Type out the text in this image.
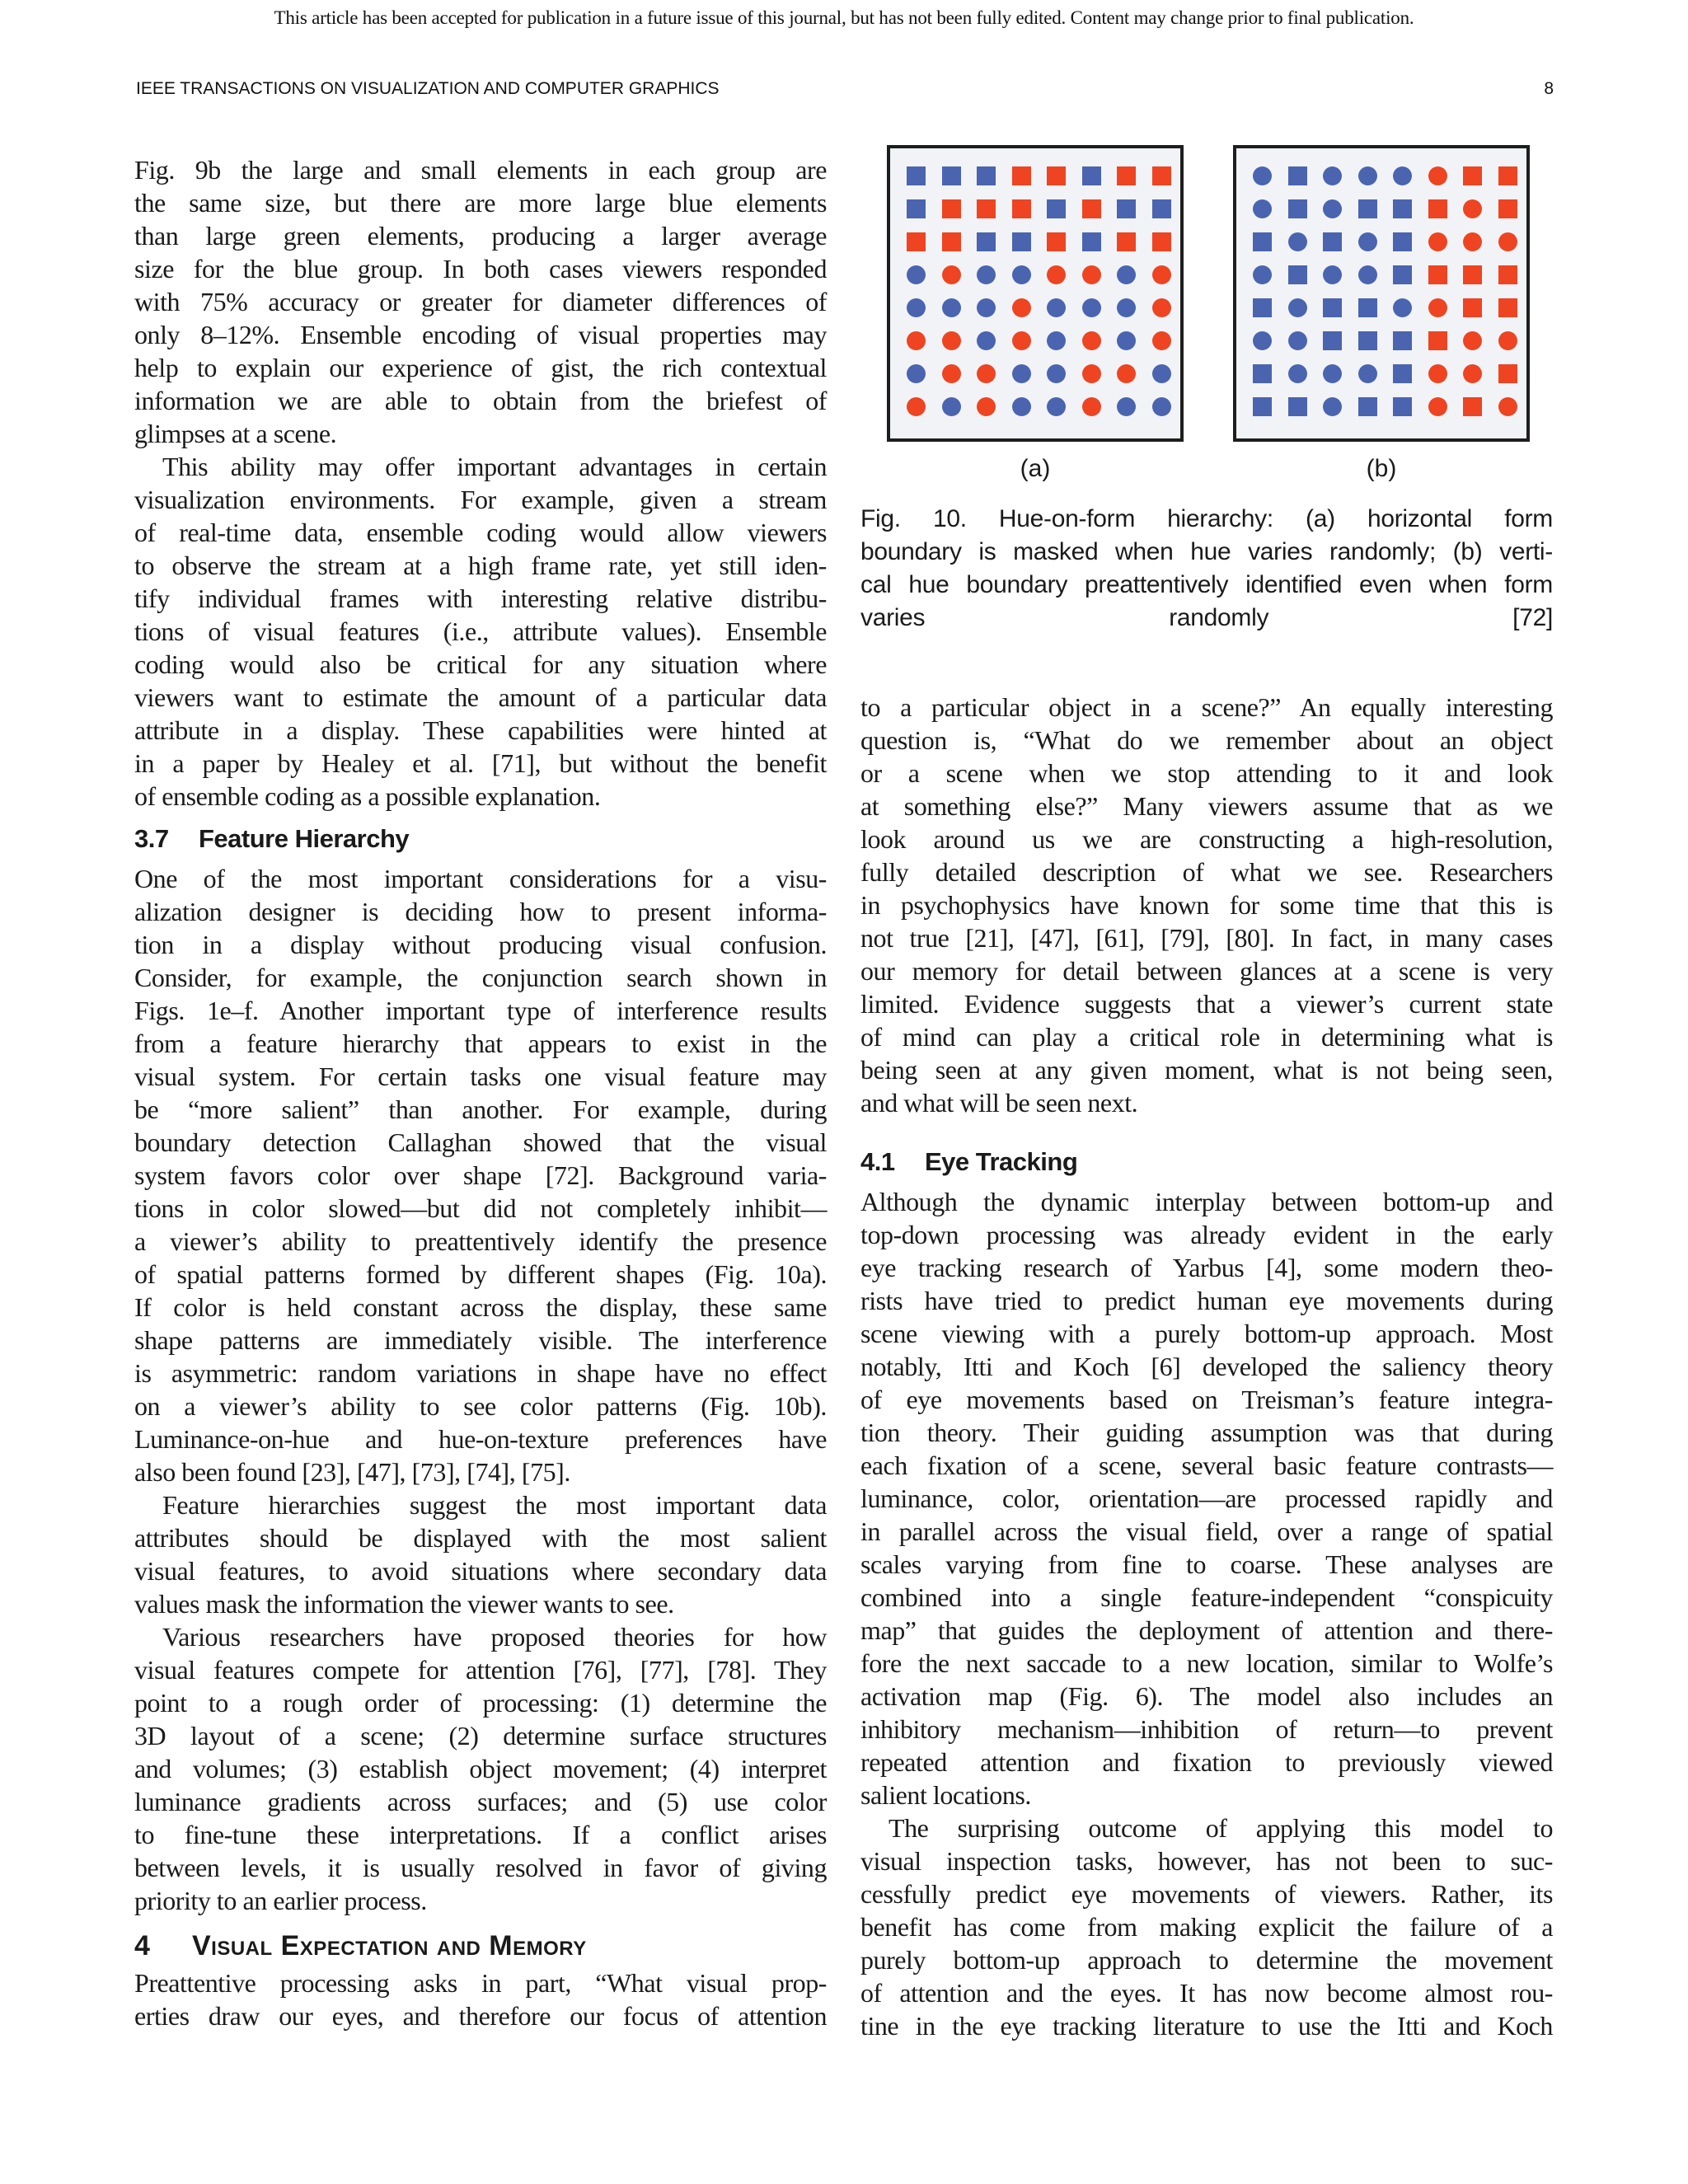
This article has been accepted for publication in a future issue of this journal, but has not been fully edited. Content may change prior to final publication.
IEEE TRANSACTIONS ON VISUALIZATION AND COMPUTER GRAPHICS	8
(a)	(b)
Fig. 10. Hue-on-form hierarchy: (a) horizontal form
boundary is masked when hue varies randomly; (b) verti-
cal hue boundary preattentively identified even when form
varies randomly [72]
Fig. 9b the large and small elements in each group are
the same size, but there are more large blue elements
than large green elements, producing a larger average
size for the blue group. In both cases viewers responded
with 75% accuracy or greater for diameter differences of
only 8–12%. Ensemble encoding of visual properties may
help to explain our experience of gist, the rich contextual
information we are able to obtain from the briefest of
glimpses at a scene.
This ability may offer important advantages in certain
visualization environments. For example, given a stream
of real-time data, ensemble coding would allow viewers
to observe the stream at a high frame rate, yet still iden-
tify individual frames with interesting relative distribu-
tions of visual features (i.e., attribute values). Ensemble
coding would also be critical for any situation where
viewers want to estimate the amount of a particular data
attribute in a display. These capabilities were hinted at
in a paper by Healey et al. [71], but without the benefit
of ensemble coding as a possible explanation.
3.7 Feature Hierarchy
One of the most important considerations for a visu-
alization designer is deciding how to present informa-
tion in a display without producing visual confusion.
Consider, for example, the conjunction search shown in
Figs. 1e–f. Another important type of interference results
from a feature hierarchy that appears to exist in the
visual system. For certain tasks one visual feature may
be “more salient” than another. For example, during
boundary detection Callaghan showed that the visual
system favors color over shape [72]. Background varia-
tions in color slowed—but did not completely inhibit—
a viewer’s ability to preattentively identify the presence
of spatial patterns formed by different shapes (Fig. 10a).
If color is held constant across the display, these same
shape patterns are immediately visible. The interference
is asymmetric: random variations in shape have no effect
on a viewer’s ability to see color patterns (Fig. 10b).
Luminance-on-hue and hue-on-texture preferences have
also been found [23], [47], [73], [74], [75].
Feature hierarchies suggest the most important data
attributes should be displayed with the most salient
visual features, to avoid situations where secondary data
values mask the information the viewer wants to see.
Various researchers have proposed theories for how
visual features compete for attention [76], [77], [78]. They
point to a rough order of processing: (1) determine the
3D layout of a scene; (2) determine surface structures
and volumes; (3) establish object movement; (4) interpret
luminance gradients across surfaces; and (5) use color
to fine-tune these interpretations. If a conflict arises
between levels, it is usually resolved in favor of giving
priority to an earlier process.
4 Visual Expectation and Memory
Preattentive processing asks in part, “What visual prop-
erties draw our eyes, and therefore our focus of attention
to a particular object in a scene?” An equally interesting
question is, “What do we remember about an object
or a scene when we stop attending to it and look
at something else?” Many viewers assume that as we
look around us we are constructing a high-resolution,
fully detailed description of what we see. Researchers
in psychophysics have known for some time that this is
not true [21], [47], [61], [79], [80]. In fact, in many cases
our memory for detail between glances at a scene is very
limited. Evidence suggests that a viewer’s current state
of mind can play a critical role in determining what is
being seen at any given moment, what is not being seen,
and what will be seen next.
4.1 Eye Tracking
Although the dynamic interplay between bottom-up and
top-down processing was already evident in the early
eye tracking research of Yarbus [4], some modern theo-
rists have tried to predict human eye movements during
scene viewing with a purely bottom-up approach. Most
notably, Itti and Koch [6] developed the saliency theory
of eye movements based on Treisman’s feature integra-
tion theory. Their guiding assumption was that during
each fixation of a scene, several basic feature contrasts—
luminance, color, orientation—are processed rapidly and
in parallel across the visual field, over a range of spatial
scales varying from fine to coarse. These analyses are
combined into a single feature-independent “conspicuity
map” that guides the deployment of attention and there-
fore the next saccade to a new location, similar to Wolfe’s
activation map (Fig. 6). The model also includes an
inhibitory mechanism—inhibition of return—to prevent
repeated attention and fixation to previously viewed
salient locations.
The surprising outcome of applying this model to
visual inspection tasks, however, has not been to suc-
cessfully predict eye movements of viewers. Rather, its
benefit has come from making explicit the failure of a
purely bottom-up approach to determine the movement
of attention and the eyes. It has now become almost rou-
tine in the eye tracking literature to use the Itti and Koch
